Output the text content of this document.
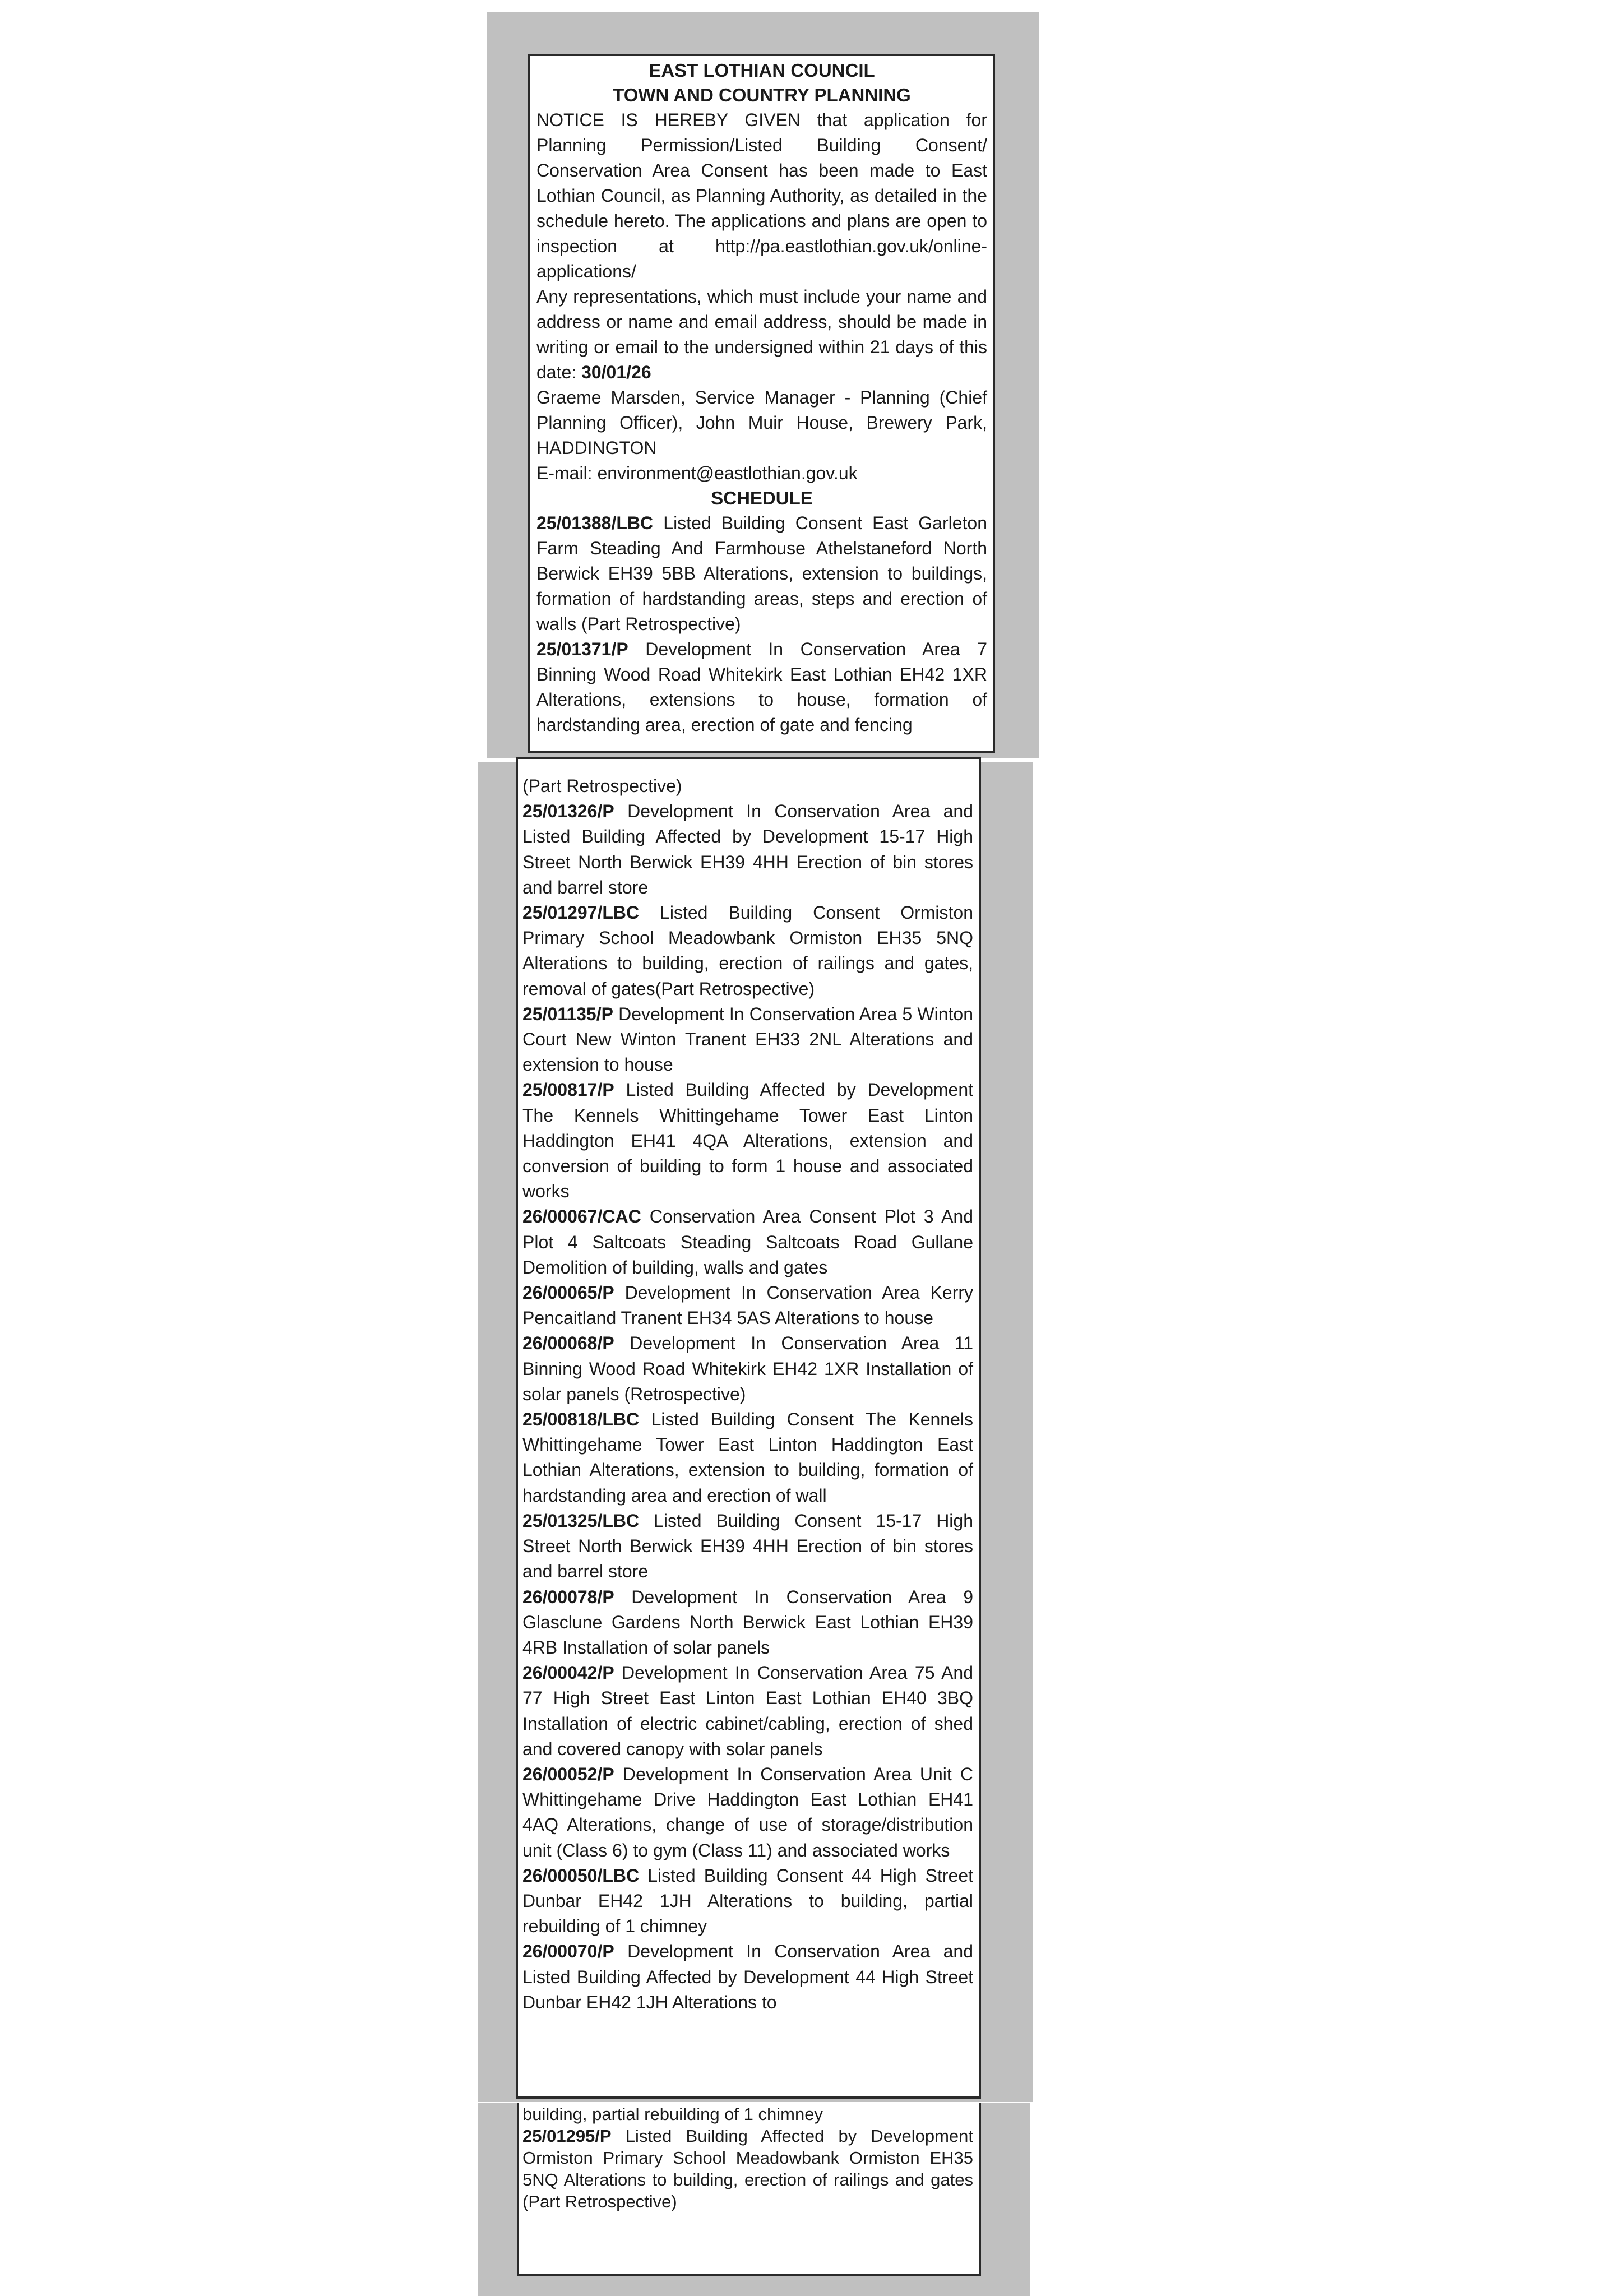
EAST LOTHIAN COUNCIL
TOWN AND COUNTRY PLANNING

NOTICE IS HEREBY GIVEN that application for Planning Permission/Listed Building Consent/ Conservation Area Consent has been made to East Lothian Council, as Planning Authority, as detailed in the schedule hereto. The applications and plans are open to inspection at http://pa.eastlothian.gov.uk/online-applications/

Any representations, which must include your name and address or name and email address, should be made in writing or email to the undersigned within 21 days of this date: 30/01/26

Graeme Marsden, Service Manager - Planning (Chief Planning Officer), John Muir House, Brewery Park, HADDINGTON

E-mail: environment@eastlothian.gov.uk

SCHEDULE

25/01388/LBC Listed Building Consent East Garleton Farm Steading And Farmhouse Athelstaneford North Berwick EH39 5BB Alterations, extension to buildings, formation of hardstanding areas, steps and erection of walls (Part Retrospective)

25/01371/P Development In Conservation Area 7 Binning Wood Road Whitekirk East Lothian EH42 1XR Alterations, extensions to house, formation of hardstanding area, erection of gate and fencing

(Part Retrospective)

25/01326/P Development In Conservation Area and Listed Building Affected by Development 15-17 High Street North Berwick EH39 4HH Erection of bin stores and barrel store

25/01297/LBC Listed Building Consent Ormiston Primary School Meadowbank Ormiston EH35 5NQ Alterations to building, erection of railings and gates, removal of gates(Part Retrospective)

25/01135/P Development In Conservation Area 5 Winton Court New Winton Tranent EH33 2NL Alterations and extension to house

25/00817/P Listed Building Affected by Development The Kennels Whittingehame Tower East Linton Haddington EH41 4QA Alterations, extension and conversion of building to form 1 house and associated works

26/00067/CAC Conservation Area Consent Plot 3 And Plot 4 Saltcoats Steading Saltcoats Road Gullane Demolition of building, walls and gates

26/00065/P Development In Conservation Area Kerry Pencaitland Tranent EH34 5AS Alterations to house

26/00068/P Development In Conservation Area 11 Binning Wood Road Whitekirk EH42 1XR Installation of solar panels (Retrospective)

25/00818/LBC Listed Building Consent The Kennels Whittingehame Tower East Linton Haddington East Lothian Alterations, extension to building, formation of hardstanding area and erection of wall

25/01325/LBC Listed Building Consent 15-17 High Street North Berwick EH39 4HH Erection of bin stores and barrel store

26/00078/P Development In Conservation Area 9 Glasclune Gardens North Berwick East Lothian EH39 4RB Installation of solar panels

26/00042/P Development In Conservation Area 75 And 77 High Street East Linton East Lothian EH40 3BQ Installation of electric cabinet/cabling, erection of shed and covered canopy with solar panels

26/00052/P Development In Conservation Area Unit C Whittingehame Drive Haddington East Lothian EH41 4AQ Alterations, change of use of storage/distribution unit (Class 6) to gym (Class 11) and associated works

26/00050/LBC Listed Building Consent 44 High Street Dunbar EH42 1JH Alterations to building, partial rebuilding of 1 chimney

26/00070/P Development In Conservation Area and Listed Building Affected by Development 44 High Street Dunbar EH42 1JH Alterations to

building, partial rebuilding of 1 chimney

25/01295/P Listed Building Affected by Development Ormiston Primary School Meadowbank Ormiston EH35 5NQ Alterations to building, erection of railings and gates (Part Retrospective)
